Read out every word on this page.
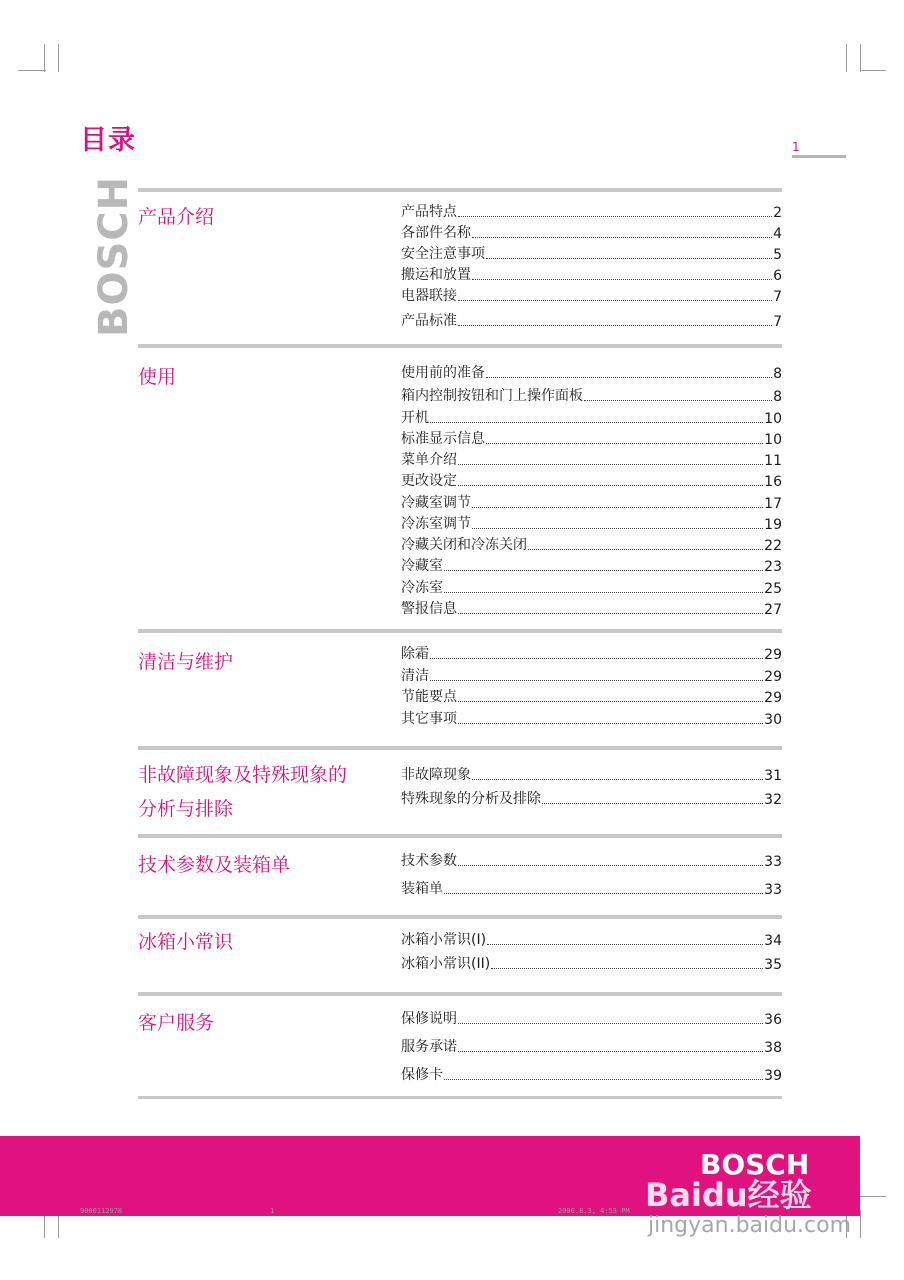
目录	1
BOSCH 产品介绍	产品特点	2
各部件名称	4
安全注意事项	5
搬运和放置	6
电器联接	7
产品标准	7
使用	使用前的准备	8
箱内控制按钮和门上操作面板	8
开机	10
标准显示信息	10
菜单介绍	11
更改设定	16
冷藏室调节	17
冷冻室调节	19
冷藏关闭和冷冻关闭	22
冷藏室	23
冷冻室	25
警报信息	27
清洁与维护	除霜	29
清洁	29
节能要点	29
其它事项	30
非故障现象及特殊现象的
分析与排除
非故障现象	31
特殊现象的分析及排除	32
技术参数及装箱单	技术参数	33
装箱单	33
冰箱小常识	冰箱小常识(I)	34
冰箱小常识(II)	35
客户服务	保修说明	36
服务承诺	38
保修卡	39
BOSCH
Baidu经验
jingyan.baidu.com
9000112978	1	2006.8.3, 4:53 PM
